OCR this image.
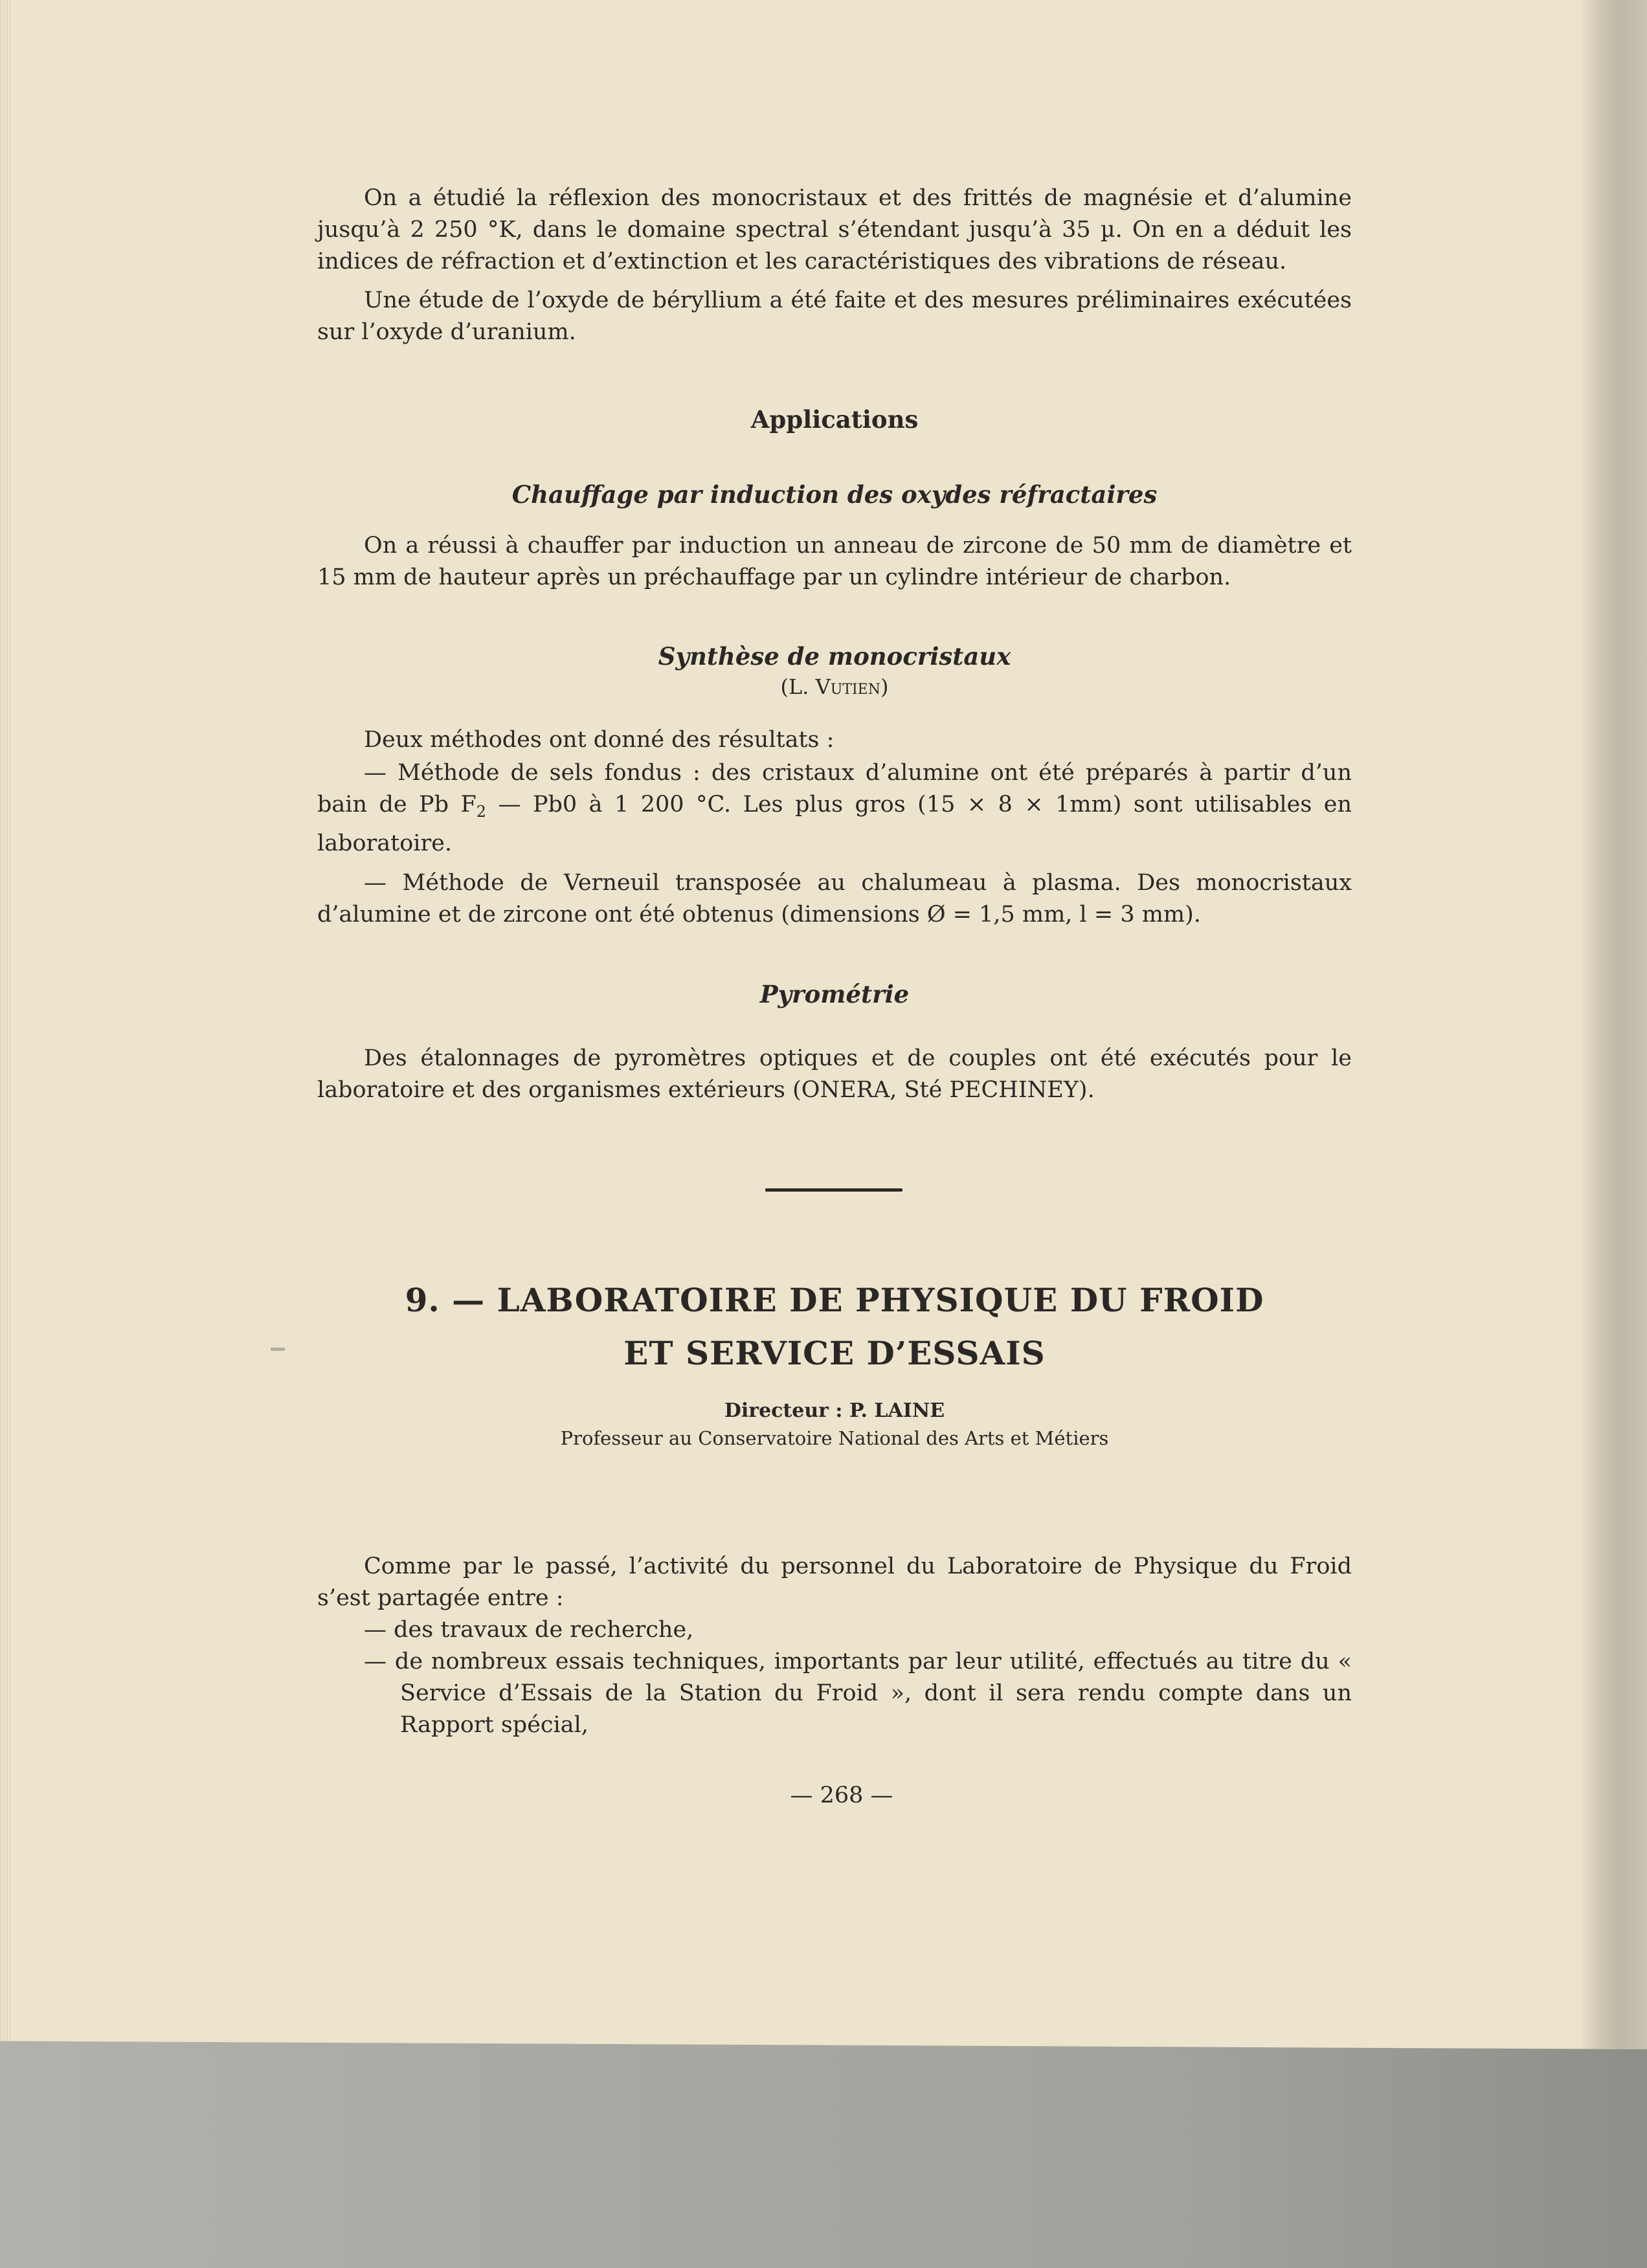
On a étudié la réflexion des monocristaux et des frittés de magnésie et d’alumine jusqu’à 2 250 °K, dans le domaine spectral s’étendant jusqu’à 35 µ. On en a déduit les indices de réfraction et d’extinction et les caractéristiques des vibrations de réseau.

Une étude de l’oxyde de béryllium a été faite et des mesures préliminaires exécutées sur l’oxyde d’uranium.

Applications
Chauffage par induction des oxydes réfractaires

On a réussi à chauffer par induction un anneau de zircone de 50 mm de diamètre et 15 mm de hauteur après un préchauffage par un cylindre intérieur de charbon.

Synthèse de monocristaux
(L. Vutien)

Deux méthodes ont donné des résultats :

— Méthode de sels fondus : des cristaux d’alumine ont été préparés à partir d’un bain de Pb $F_2$ — Pb0 à 1 200 °C. Les plus gros (15 × 8 × 1mm) sont utilisables en laboratoire.

— Méthode de Verneuil transposée au chalumeau à plasma. Des monocristaux d’alumine et de zircone ont été obtenus (dimensions Ø = 1,5 mm, l = 3 mm).

Pyrométrie

Des étalonnages de pyromètres optiques et de couples ont été exécutés pour le laboratoire et des organismes extérieurs (ONERA, Sté PECHINEY).

9. — LABORATOIRE DE PHYSIQUE DU FROID
ET SERVICE D’ESSAIS
Directeur : P. LAINE
Professeur au Conservatoire National des Arts et Métiers

Comme par le passé, l’activité du personnel du Laboratoire de Physique du Froid s’est partagée entre :

— des travaux de recherche,

— de nombreux essais techniques, importants par leur utilité, effectués au titre du « Service d’Essais de la Station du Froid », dont il sera rendu compte dans un Rapport spécial,

— 268 —
